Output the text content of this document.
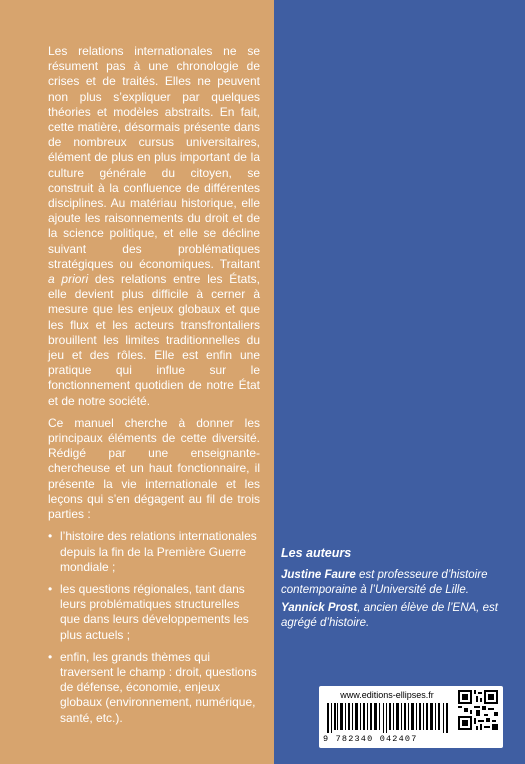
Les relations internationales ne se résument pas à une chronologie de crises et de traités. Elles ne peuvent non plus s’expliquer par quelques théories et modèles abstraits. En fait, cette matière, désormais présente dans de nombreux cursus universitaires, élément de plus en plus important de la culture générale du citoyen, se construit à la confluence de différentes disciplines. Au matériau historique, elle ajoute les raisonnements du droit et de la science politique, et elle se décline suivant des problématiques stratégiques ou économiques. Traitant a priori des relations entre les États, elle devient plus difficile à cerner à mesure que les enjeux globaux et que les flux et les acteurs transfrontaliers brouillent les limites traditionnelles du jeu et des rôles. Elle est enfin une pratique qui influe sur le fonctionnement quotidien de notre État et de notre société.

Ce manuel cherche à donner les principaux éléments de cette diversité. Rédigé par une enseignante-chercheuse et un haut fonctionnaire, il présente la vie internationale et les leçons qui s’en dégagent au fil de trois parties :

• l’histoire des relations internationales depuis la fin de la Première Guerre mondiale ;
• les questions régionales, tant dans leurs problématiques structurelles que dans leurs développements les plus actuels ;
• enfin, les grands thèmes qui traversent le champ : droit, questions de défense, économie, enjeux globaux (environnement, numérique, santé, etc.).
Les auteurs

Justine Faure est professeure d’histoire contemporaine à l’Université de Lille.

Yannick Prost, ancien élève de l’ENA, est agrégé d’histoire.

www.editions-ellipses.fr
9 782340 042407
